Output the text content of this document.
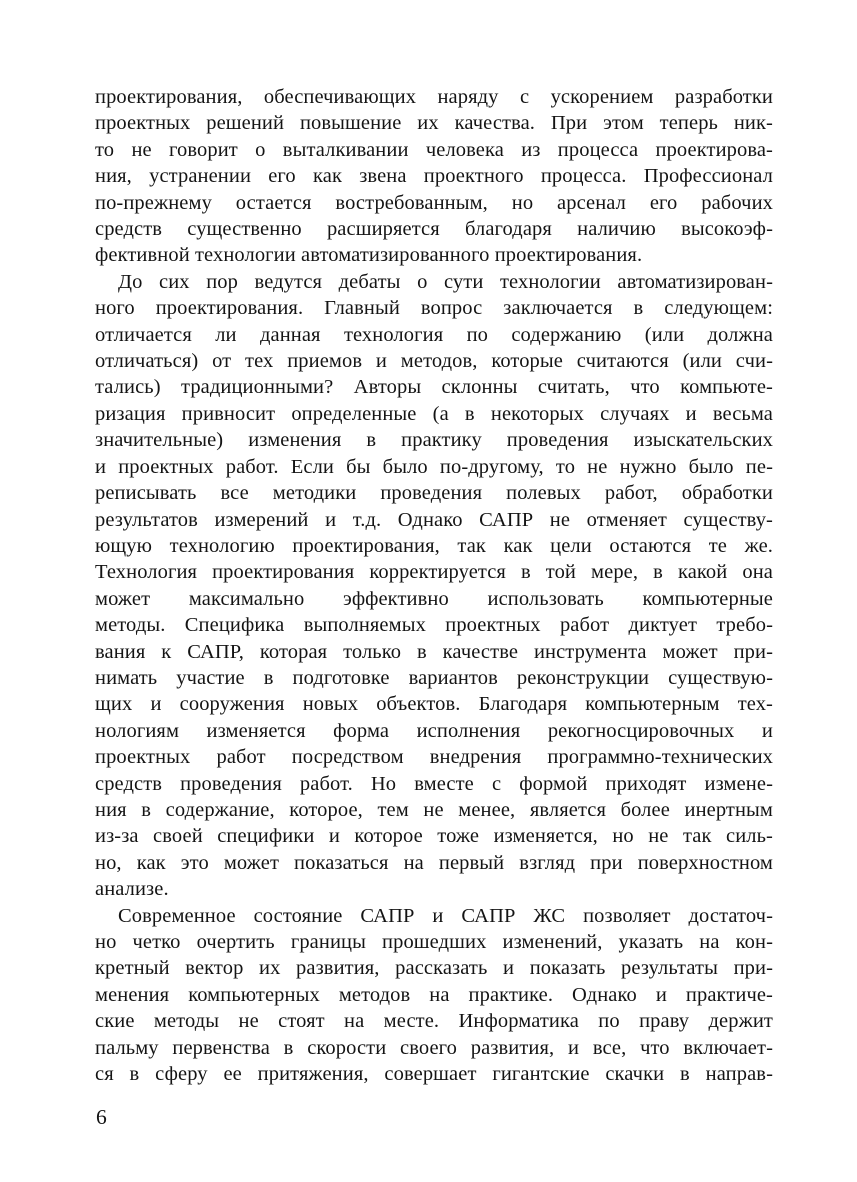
проектирования, обеспечивающих наряду с ускорением разработки
проектных решений повышение их качества. При этом теперь ник-
то не говорит о выталкивании человека из процесса проектирова-
ния, устранении его как звена проектного процесса. Профессионал
по-прежнему остается востребованным, но арсенал его рабочих
средств существенно расширяется благодаря наличию высокоэф-
фективной технологии автоматизированного проектирования.
До сих пор ведутся дебаты о сути технологии автоматизирован-
ного проектирования. Главный вопрос заключается в следующем:
отличается ли данная технология по содержанию (или должна
отличаться) от тех приемов и методов, которые считаются (или счи-
тались) традиционными? Авторы склонны считать, что компьюте-
ризация привносит определенные (а в некоторых случаях и весьма
значительные) изменения в практику проведения изыскательских
и проектных работ. Если бы было по-другому, то не нужно было пе-
реписывать все методики проведения полевых работ, обработки
результатов измерений и т.д. Однако САПР не отменяет существу-
ющую технологию проектирования, так как цели остаются те же.
Технология проектирования корректируется в той мере, в какой она
может максимально эффективно использовать компьютерные
методы. Специфика выполняемых проектных работ диктует требо-
вания к САПР, которая только в качестве инструмента может при-
нимать участие в подготовке вариантов реконструкции существую-
щих и сооружения новых объектов. Благодаря компьютерным тех-
нологиям изменяется форма исполнения рекогносцировочных и
проектных работ посредством внедрения программно-технических
средств проведения работ. Но вместе с формой приходят измене-
ния в содержание, которое, тем не менее, является более инертным
из-за своей специфики и которое тоже изменяется, но не так силь-
но, как это может показаться на первый взгляд при поверхностном
анализе.
Современное состояние САПР и САПР ЖС позволяет достаточ-
но четко очертить границы прошедших изменений, указать на кон-
кретный вектор их развития, рассказать и показать результаты при-
менения компьютерных методов на практике. Однако и практиче-
ские методы не стоят на месте. Информатика по праву держит
пальму первенства в скорости своего развития, и все, что включает-
ся в сферу ее притяжения, совершает гигантские скачки в направ-
6
